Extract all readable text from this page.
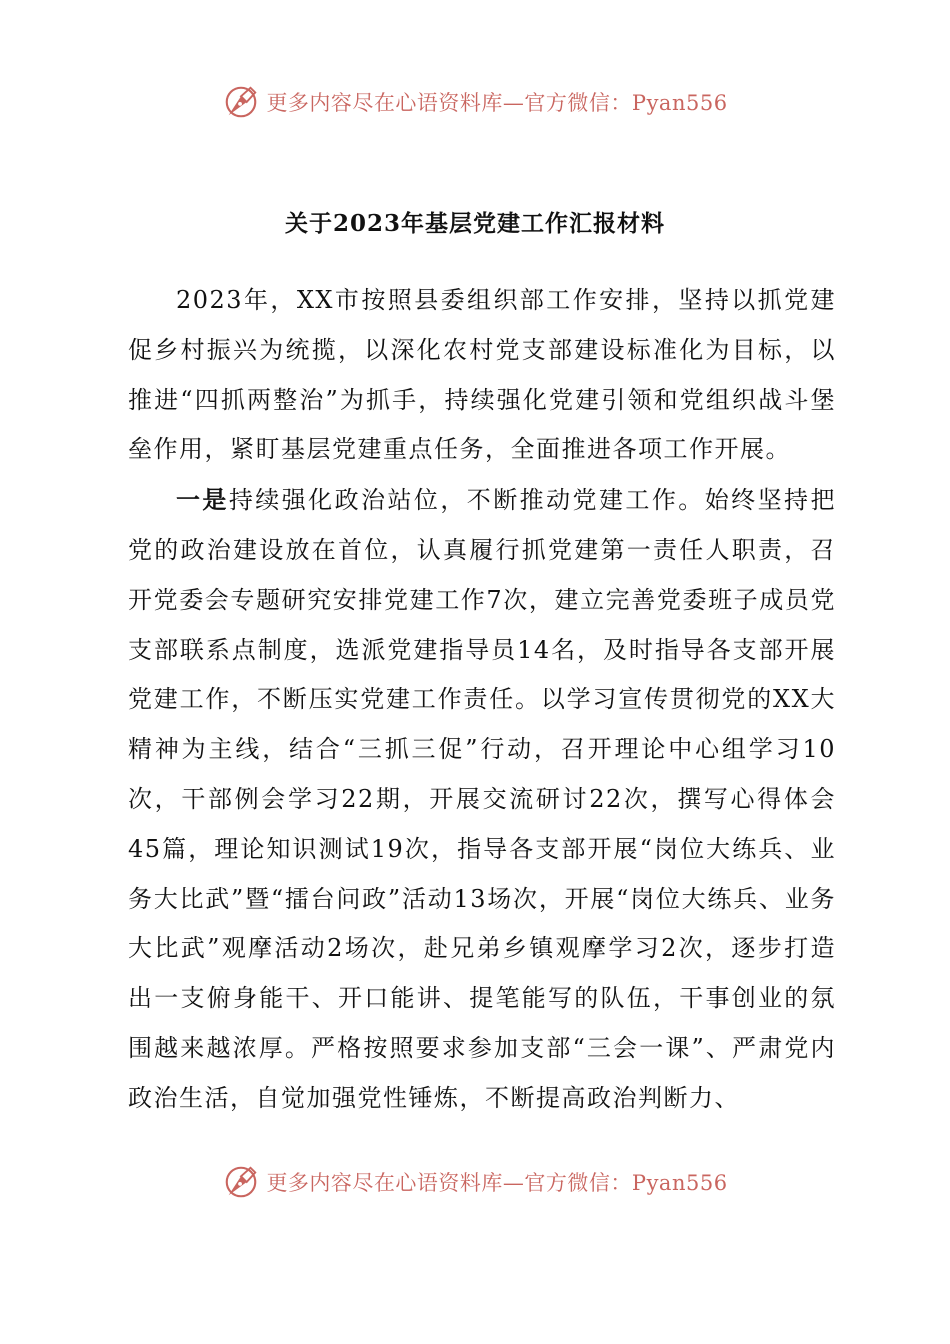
更多内容尽在心语资料库—官方微信：Pyan556
关于2023年基层党建工作汇报材料

2023年，XX市按照县委组织部工作安排，坚持以抓党建促乡村振兴为统揽，以深化农村党支部建设标准化为目标，以推进“四抓两整治”为抓手，持续强化党建引领和党组织战斗堡垒作用，紧盯基层党建重点任务，全面推进各项工作开展。

一是持续强化政治站位，不断推动党建工作。始终坚持把党的政治建设放在首位，认真履行抓党建第一责任人职责，召开党委会专题研究安排党建工作7次，建立完善党委班子成员党支部联系点制度，选派党建指导员14名，及时指导各支部开展党建工作，不断压实党建工作责任。以学习宣传贯彻党的XX大精神为主线，结合“三抓三促”行动，召开理论中心组学习10次，干部例会学习22期，开展交流研讨22次，撰写心得体会45篇，理论知识测试19次，指导各支部开展“岗位大练兵、业务大比武”暨“擂台问政”活动13场次，开展“岗位大练兵、业务大比武”观摩活动2场次，赴兄弟乡镇观摩学习2次，逐步打造出一支俯身能干、开口能讲、提笔能写的队伍，干事创业的氛围越来越浓厚。严格按照要求参加支部“三会一课”、严肃党内政治生活，自觉加强党性锤炼，不断提高政治判断力、

更多内容尽在心语资料库—官方微信：Pyan556
